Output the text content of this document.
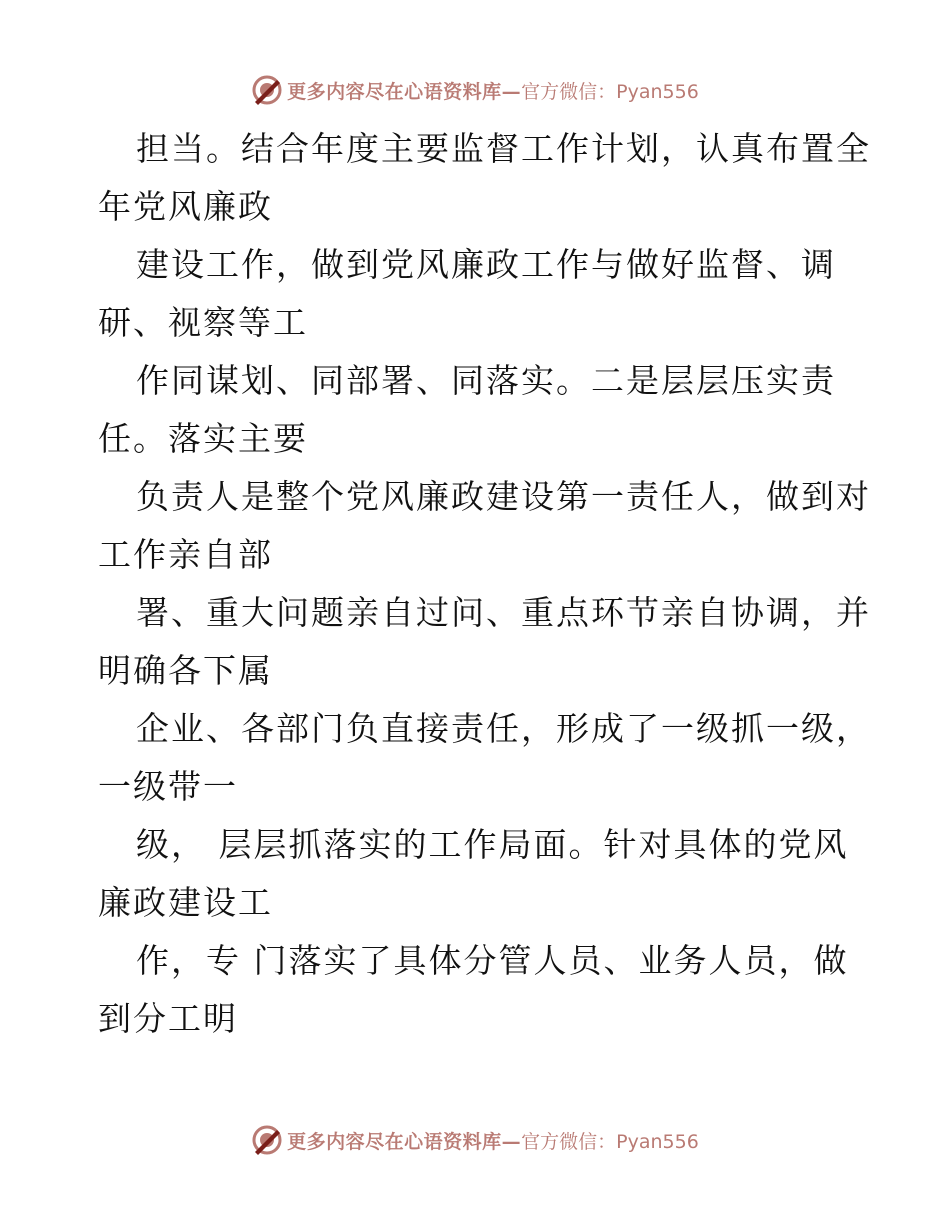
更多内容尽在心语资料库— 官方微信：Pyan556
担当。结合年度主要监督工作计划，认真布置全
年党风廉政
建设工作，做到党风廉政工作与做好监督、调
研、视察等工
作同谋划、同部署、同落实。二是层层压实责
任。落实主要
负责人是整个党风廉政建设第一责任人，做到对
工作亲自部
署、重大问题亲自过问、重点环节亲自协调，并
明确各下属
企业、各部门负直接责任，形成了一级抓一级，
一级带一
级， 层层抓落实的工作局面。针对具体的党风
廉政建设工
作，专 门落实了具体分管人员、业务人员，做
到分工明
更多内容尽在心语资料库— 官方微信：Pyan556
